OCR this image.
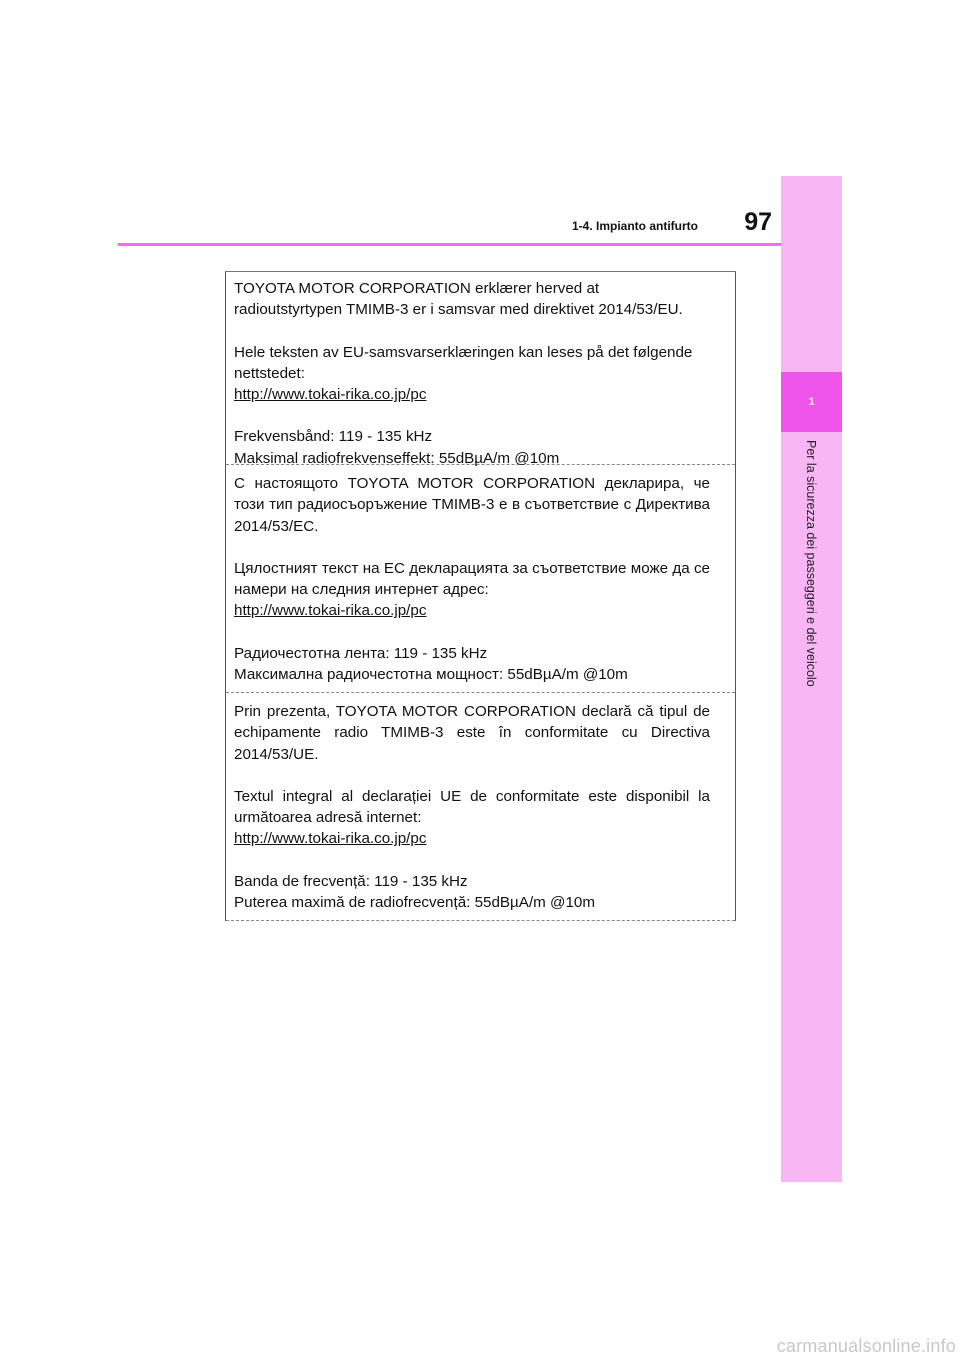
1
Per la sicurezza dei passeggeri e del veicolo
1-4. Impianto antifurto	97

TOYOTA MOTOR CORPORATION erklærer herved at radioutstyrtypen TMIMB-3 er i samsvar med direktivet 2014/53/EU.

Hele teksten av EU-samsvarserklæringen kan leses på det følgende nettstedet:
http://www.tokai-rika.co.jp/pc

Frekvensbånd: 119 - 135 kHz
Maksimal radiofrekvenseffekt: 55dBµA/m @10m

С настоящото TOYOTA MOTOR CORPORATION декларира, че този тип радиосъоръжение TMIMB-3 е в съответствие с Директива 2014/53/ЕС.

Цялостният текст на ЕС декларацията за съответствие може да се намери на следния интернет адрес:
http://www.tokai-rika.co.jp/pc

Радиочестотна лента: 119 - 135 kHz
Максимална радиочестотна мощност: 55dBµA/m @10m

Prin prezenta, TOYOTA MOTOR CORPORATION declară că tipul de echipamente radio TMIMB-3 este în conformitate cu Directiva 2014/53/UE.

Textul integral al declarației UE de conformitate este disponibil la următoarea adresă internet:
http://www.tokai-rika.co.jp/pc

Banda de frecvență: 119 - 135 kHz
Puterea maximă de radiofrecvență: 55dBµA/m @10m

carmanualsonline.info
